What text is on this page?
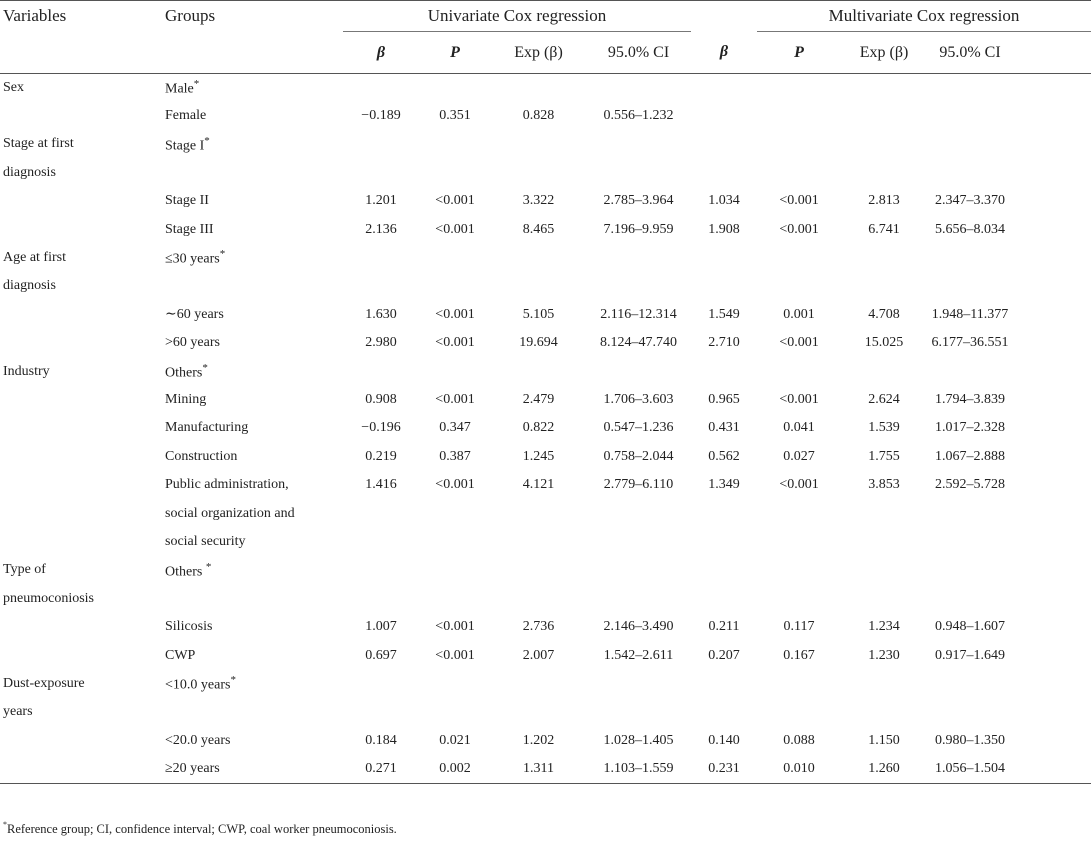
Variables	Groups	Univariate Cox regression					Multivariate Cox regression			
		β	P	Exp (β)	95.0% CI	β	P	Exp (β)	95.0% CI	
Sex	Male*									
	Female	−0.189	0.351	0.828	0.556–1.232					
Stage at first	Stage I*									
diagnosis										
	Stage II	1.201	<0.001	3.322	2.785–3.964	1.034	<0.001	2.813	2.347–3.370	
	Stage III	2.136	<0.001	8.465	7.196–9.959	1.908	<0.001	6.741	5.656–8.034	
Age at first	≤30 years*									
diagnosis										
	∼60 years	1.630	<0.001	5.105	2.116–12.314	1.549	0.001	4.708	1.948–11.377	
	>60 years	2.980	<0.001	19.694	8.124–47.740	2.710	<0.001	15.025	6.177–36.551	
Industry	Others*									
	Mining	0.908	<0.001	2.479	1.706–3.603	0.965	<0.001	2.624	1.794–3.839	
	Manufacturing	−0.196	0.347	0.822	0.547–1.236	0.431	0.041	1.539	1.017–2.328	
	Construction	0.219	0.387	1.245	0.758–2.044	0.562	0.027	1.755	1.067–2.888	
	Public administration,	1.416	<0.001	4.121	2.779–6.110	1.349	<0.001	3.853	2.592–5.728	
	social organization and									
	social security									
Type of	Others *									
pneumoconiosis										
	Silicosis	1.007	<0.001	2.736	2.146–3.490	0.211	0.117	1.234	0.948–1.607	
	CWP	0.697	<0.001	2.007	1.542–2.611	0.207	0.167	1.230	0.917–1.649	
Dust-exposure	<10.0 years*									
years										
	<20.0 years	0.184	0.021	1.202	1.028–1.405	0.140	0.088	1.150	0.980–1.350	
	≥20 years	0.271	0.002	1.311	1.103–1.559	0.231	0.010	1.260	1.056–1.504	
*Reference group; CI, confidence interval; CWP, coal worker pneumoconiosis.
